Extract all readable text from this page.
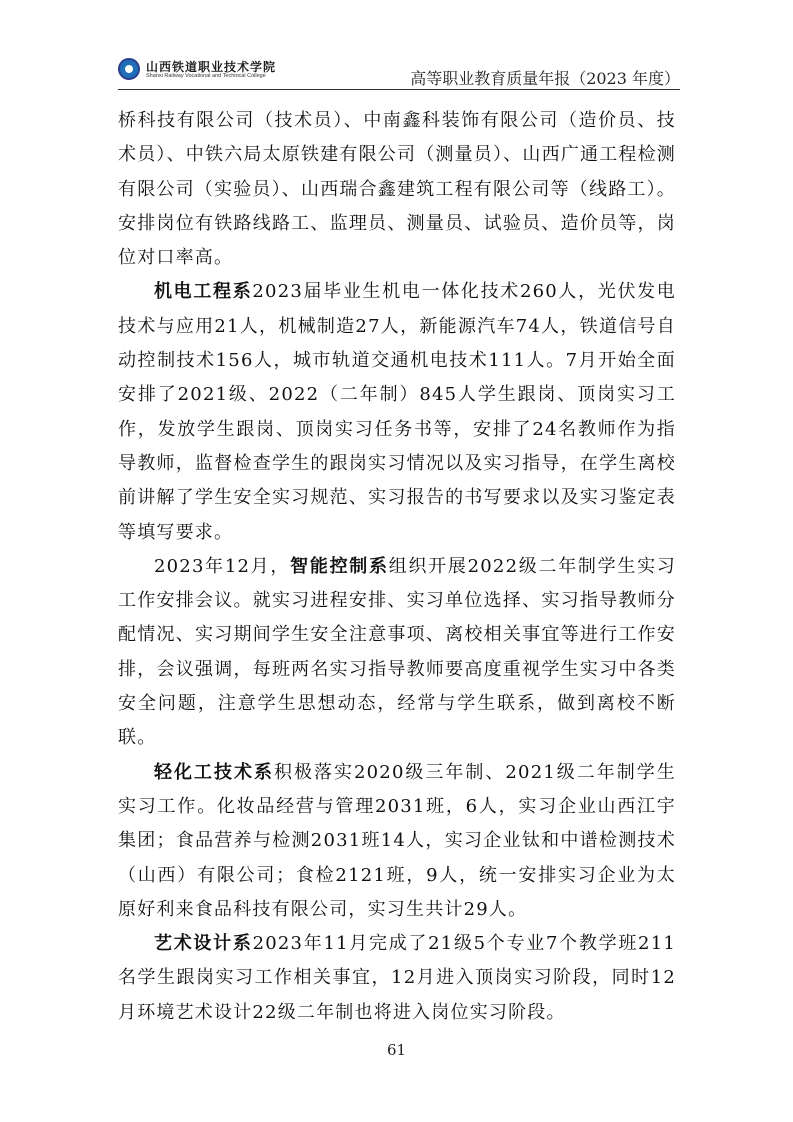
山西铁道职业技术学院
Shanxi Railway Vocational and Technical College	高等职业教育质量年报（2023 年度）

桥科技有限公司（技术员）、中南鑫科装饰有限公司（造价员、技术员）、中铁六局太原铁建有限公司（测量员）、山西广通工程检测有限公司（实验员）、山西瑞合鑫建筑工程有限公司等（线路工）。安排岗位有铁路线路工、监理员、测量员、试验员、造价员等，岗位对口率高。

机电工程系2023届毕业生机电一体化技术260人，光伏发电技术与应用21人，机械制造27人，新能源汽车74人，铁道信号自动控制技术156人，城市轨道交通机电技术111人。7月开始全面安排了2021级、2022（二年制）845人学生跟岗、顶岗实习工作，发放学生跟岗、顶岗实习任务书等，安排了24名教师作为指导教师，监督检查学生的跟岗实习情况以及实习指导，在学生离校前讲解了学生安全实习规范、实习报告的书写要求以及实习鉴定表等填写要求。

2023年12月，智能控制系组织开展2022级二年制学生实习工作安排会议。就实习进程安排、实习单位选择、实习指导教师分配情况、实习期间学生安全注意事项、离校相关事宜等进行工作安排，会议强调，每班两名实习指导教师要高度重视学生实习中各类安全问题，注意学生思想动态，经常与学生联系，做到离校不断联。

轻化工技术系积极落实2020级三年制、2021级二年制学生实习工作。化妆品经营与管理2031班，6人，实习企业山西江宇集团；食品营养与检测2031班14人，实习企业钛和中谱检测技术（山西）有限公司；食检2121班，9人，统一安排实习企业为太原好利来食品科技有限公司，实习生共计29人。

艺术设计系2023年11月完成了21级5个专业7个教学班211名学生跟岗实习工作相关事宜，12月进入顶岗实习阶段，同时12月环境艺术设计22级二年制也将进入岗位实习阶段。

61
